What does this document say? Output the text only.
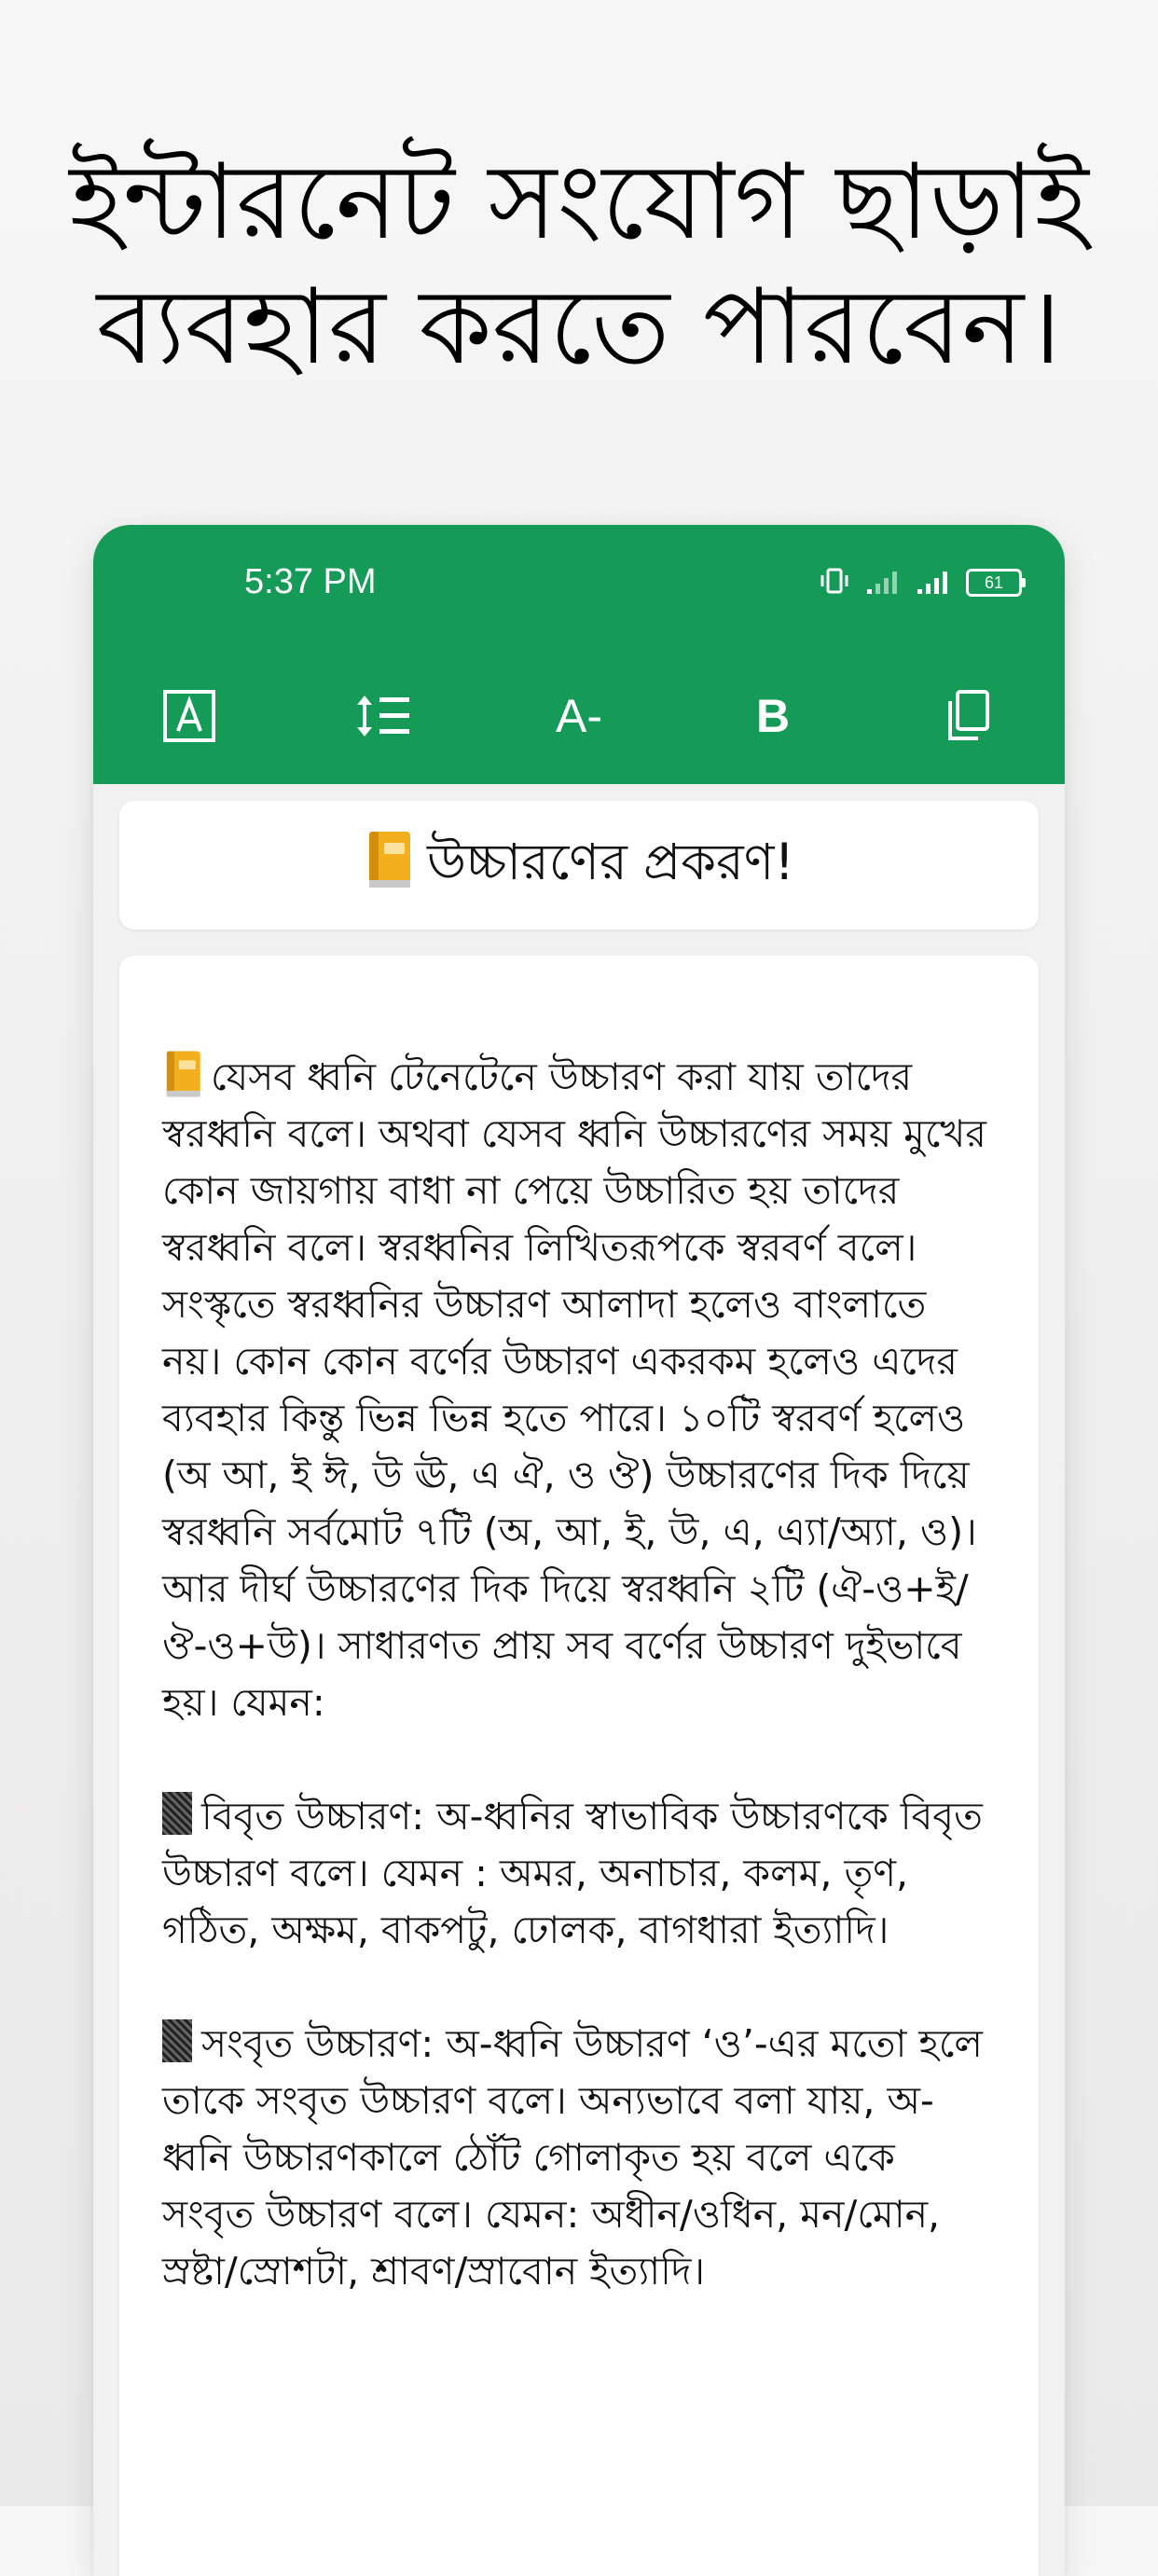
ইন্টারনেট সংযোগ ছাড়াই
ব্যবহার করতে পারবেন।
5:37 PM	61
A-	B
উচ্চারণের প্রকরণ!

যেসব ধ্বনি টেনেটেনে উচ্চারণ করা যায় তাদের স্বরধ্বনি বলে। অথবা যেসব ধ্বনি উচ্চারণের সময় মুখের কোন জায়গায় বাধা না পেয়ে উচ্চারিত হয় তাদের স্বরধ্বনি বলে। স্বরধ্বনির লিখিতরূপকে স্বরবর্ণ বলে। সংস্কৃতে স্বরধ্বনির উচ্চারণ আলাদা হলেও বাংলাতে নয়। কোন কোন বর্ণের উচ্চারণ একরকম হলেও এদের ব্যবহার কিন্তু ভিন্ন ভিন্ন হতে পারে। ১০টি স্বরবর্ণ হলেও (অ আ, ই ঈ, উ ঊ, এ ঐ, ও ঔ) উচ্চারণের দিক দিয়ে স্বরধ্বনি সর্বমোট ৭টি (অ, আ, ই, উ, এ, এ্যা/অ্যা, ও)। আর দীর্ঘ উচ্চারণের দিক দিয়ে স্বরধ্বনি ২টি (ঐ-ও+ই/ঔ-ও+উ)। সাধারণত প্রায় সব বর্ণের উচ্চারণ দুইভাবে হয়। যেমন:

বিবৃত উচ্চারণ: অ-ধ্বনির স্বাভাবিক উচ্চারণকে বিবৃত উচ্চারণ বলে। যেমন : অমর, অনাচার, কলম, তৃণ, গঠিত, অক্ষম, বাকপটু, ঢোলক, বাগধারা ইত্যাদি।

সংবৃত উচ্চারণ: অ-ধ্বনি উচ্চারণ ‘ও’-এর মতো হলে তাকে সংবৃত উচ্চারণ বলে। অন্যভাবে বলা যায়, অ-ধ্বনি উচ্চারণকালে ঠোঁট গোলাকৃত হয় বলে একে সংবৃত উচ্চারণ বলে। যেমন: অধীন/ওধিন, মন/মোন, স্রষ্টা/স্রোশটা, শ্রাবণ/স্রাবোন ইত্যাদি।
